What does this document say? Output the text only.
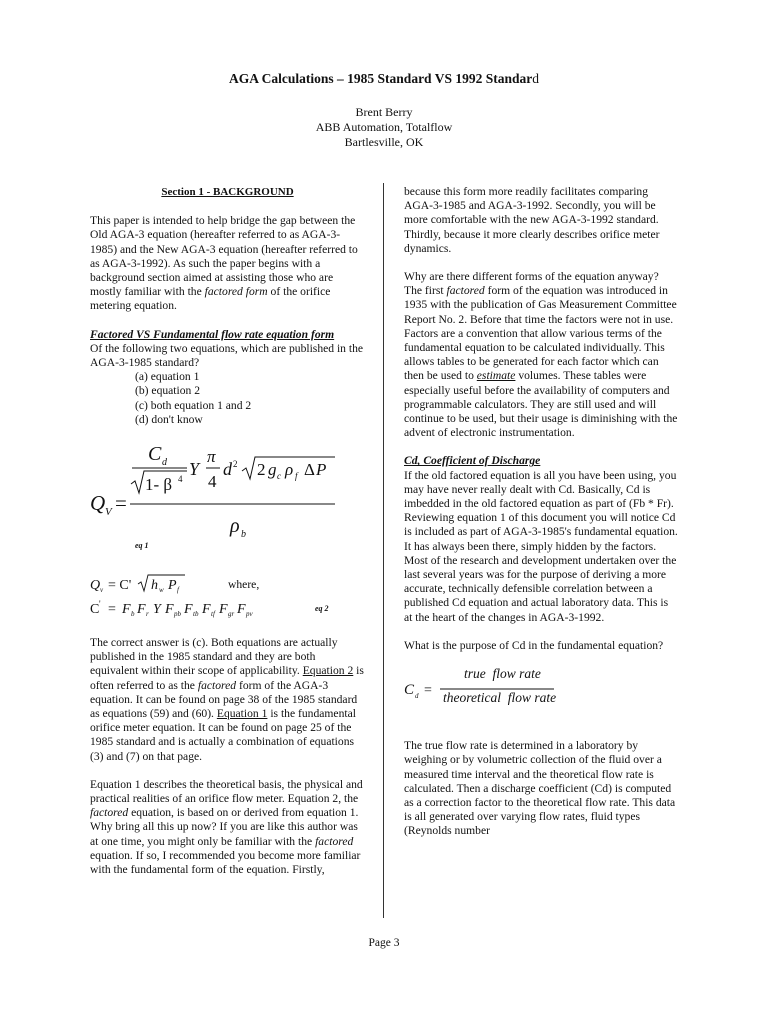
AGA Calculations – 1985 Standard VS 1992 Standard
Brent Berry
ABB Automation, Totalflow
Bartlesville, OK
Section 1 - BACKGROUND

This paper is intended to help bridge the gap between the Old AGA-3 equation (hereafter referred to as AGA-3-1985) and the New AGA-3 equation (hereafter referred to as AGA-3-1992). As such the paper begins with a background section aimed at assisting those who are mostly familiar with the factored form of the orifice metering equation.

Factored VS Fundamental flow rate equation form

Of the following two equations, which are published in the AGA-3-1985 standard?

(a) equation 1
(b) equation 2
(c) both equation 1 and 2
(d) don't know
Q V =
C d
1- β 4 Y
π
4
d 2 2 g c ρ f Δ P
ρ b
eq 1
Q v = C' h w P f
C ' = F b F r Y F pb F tb F tf F gr F pv
where,
eq 2

The correct answer is (c). Both equations are actually published in the 1985 standard and they are both equivalent within their scope of applicability. Equation 2 is often referred to as the factored form of the AGA-3 equation. It can be found on page 38 of the 1985 standard as equations (59) and (60). Equation 1 is the fundamental orifice meter equation. It can be found on page 25 of the 1985 standard and is actually a combination of equations (3) and (7) on that page.

Equation 1 describes the theoretical basis, the physical and practical realities of an orifice flow meter. Equation 2, the factored equation, is based on or derived from equation 1. Why bring all this up now? If you are like this author was at one time, you might only be familiar with the factored equation. If so, I recommended you become more familiar with the fundamental form of the equation. Firstly,

because this form more readily facilitates comparing AGA-3-1985 and AGA-3-1992. Secondly, you will be more comfortable with the new AGA-3-1992 standard. Thirdly, because it more clearly describes orifice meter dynamics.

Why are there different forms of the equation anyway? The first factored form of the equation was introduced in 1935 with the publication of Gas Measurement Committee Report No. 2. Before that time the factors were not in use. Factors are a convention that allow various terms of the fundamental equation to be calculated individually. This allows tables to be generated for each factor which can then be used to estimate volumes. These tables were especially useful before the availability of computers and programmable calculators. They are still used and will continue to be used, but their usage is diminishing with the advent of electronic instrumentation.

Cd, Coefficient of Discharge

If the old factored equation is all you have been using, you may have never really dealt with Cd. Basically, Cd is imbedded in the old factored equation as part of (Fb * Fr). Reviewing equation 1 of this document you will notice Cd is included as part of AGA-3-1985's fundamental equation. It has always been there, simply hidden by the factors. Most of the research and development undertaken over the last several years was for the purpose of deriving a more accurate, technically defensible correlation between a published Cd equation and actual laboratory data. This is at the heart of the changes in AGA-3-1992.

What is the purpose of Cd in the fundamental equation?

C d =
true  flow rate
theoretical  flow rate

The true flow rate is determined in a laboratory by weighing or by volumetric collection of the fluid over a measured time interval and the theoretical flow rate is calculated. Then a discharge coefficient (Cd) is computed as a correction factor to the theoretical flow rate. This data is all generated over varying flow rates, fluid types (Reynolds number

Page 3
